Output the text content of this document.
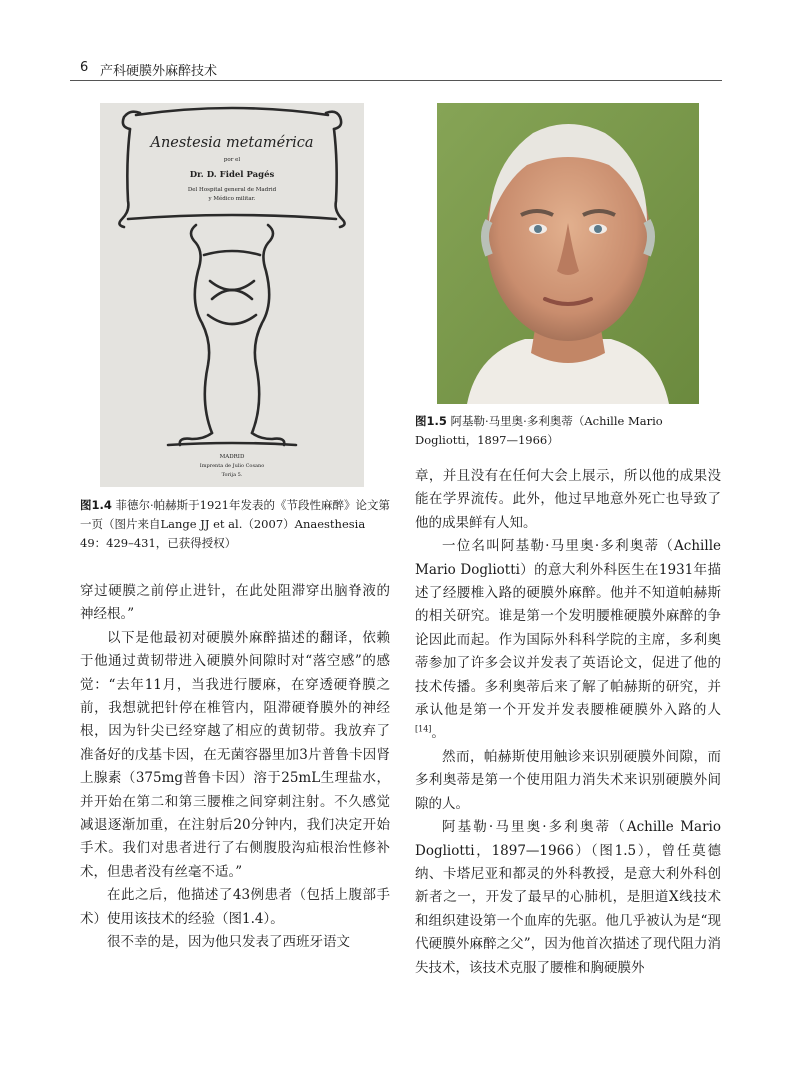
6 产科硬膜外麻醉技术
Anestesia metamérica
por el
Dr. D. Fidel Pagés
Del Hospital general de Madrid
y Médico militar.
MADRID
Imprenta de Julio Cosano
Torija 5.
图1.5 阿基勒·马里奥·多利奥蒂（Achille Mario Dogliotti，1897—1966）
图1.4 菲德尔·帕赫斯于1921年发表的《节段性麻醉》论文第一页（图片来自Lange JJ et al.（2007）Anaesthesia 49：429–431，已获得授权）

穿过硬膜之前停止进针，在此处阻滞穿出脑脊液的神经根。”

以下是他最初对硬膜外麻醉描述的翻译，依赖于他通过黄韧带进入硬膜外间隙时对“落空感”的感觉：“去年11月，当我进行腰麻，在穿透硬脊膜之前，我想就把针停在椎管内，阻滞硬脊膜外的神经根，因为针尖已经穿越了相应的黄韧带。我放弃了准备好的戊基卡因，在无菌容器里加3片普鲁卡因肾上腺素（375mg普鲁卡因）溶于25mL生理盐水，并开始在第二和第三腰椎之间穿刺注射。不久感觉减退逐渐加重，在注射后20分钟内，我们决定开始手术。我们对患者进行了右侧腹股沟疝根治性修补术，但患者没有丝毫不适。”

在此之后，他描述了43例患者（包括上腹部手术）使用该技术的经验（图1.4）。

很不幸的是，因为他只发表了西班牙语文

章，并且没有在任何大会上展示，所以他的成果没能在学界流传。此外，他过早地意外死亡也导致了他的成果鲜有人知。

一位名叫阿基勒·马里奥·多利奥蒂（Achille Mario Dogliotti）的意大利外科医生在1931年描述了经腰椎入路的硬膜外麻醉。他并不知道帕赫斯的相关研究。谁是第一个发明腰椎硬膜外麻醉的争论因此而起。作为国际外科科学院的主席，多利奥蒂参加了许多会议并发表了英语论文，促进了他的技术传播。多利奥蒂后来了解了帕赫斯的研究，并承认他是第一个开发并发表腰椎硬膜外入路的人[14]。

然而，帕赫斯使用触诊来识别硬膜外间隙，而多利奥蒂是第一个使用阻力消失术来识别硬膜外间隙的人。

阿基勒·马里奥·多利奥蒂（Achille Mario Dogliotti，1897—1966）（图1.5），曾任莫德纳、卡塔尼亚和都灵的外科教授，是意大利外科创新者之一，开发了最早的心肺机，是胆道X线技术和组织建设第一个血库的先驱。他几乎被认为是“现代硬膜外麻醉之父”，因为他首次描述了现代阻力消失技术，该技术克服了腰椎和胸硬膜外
